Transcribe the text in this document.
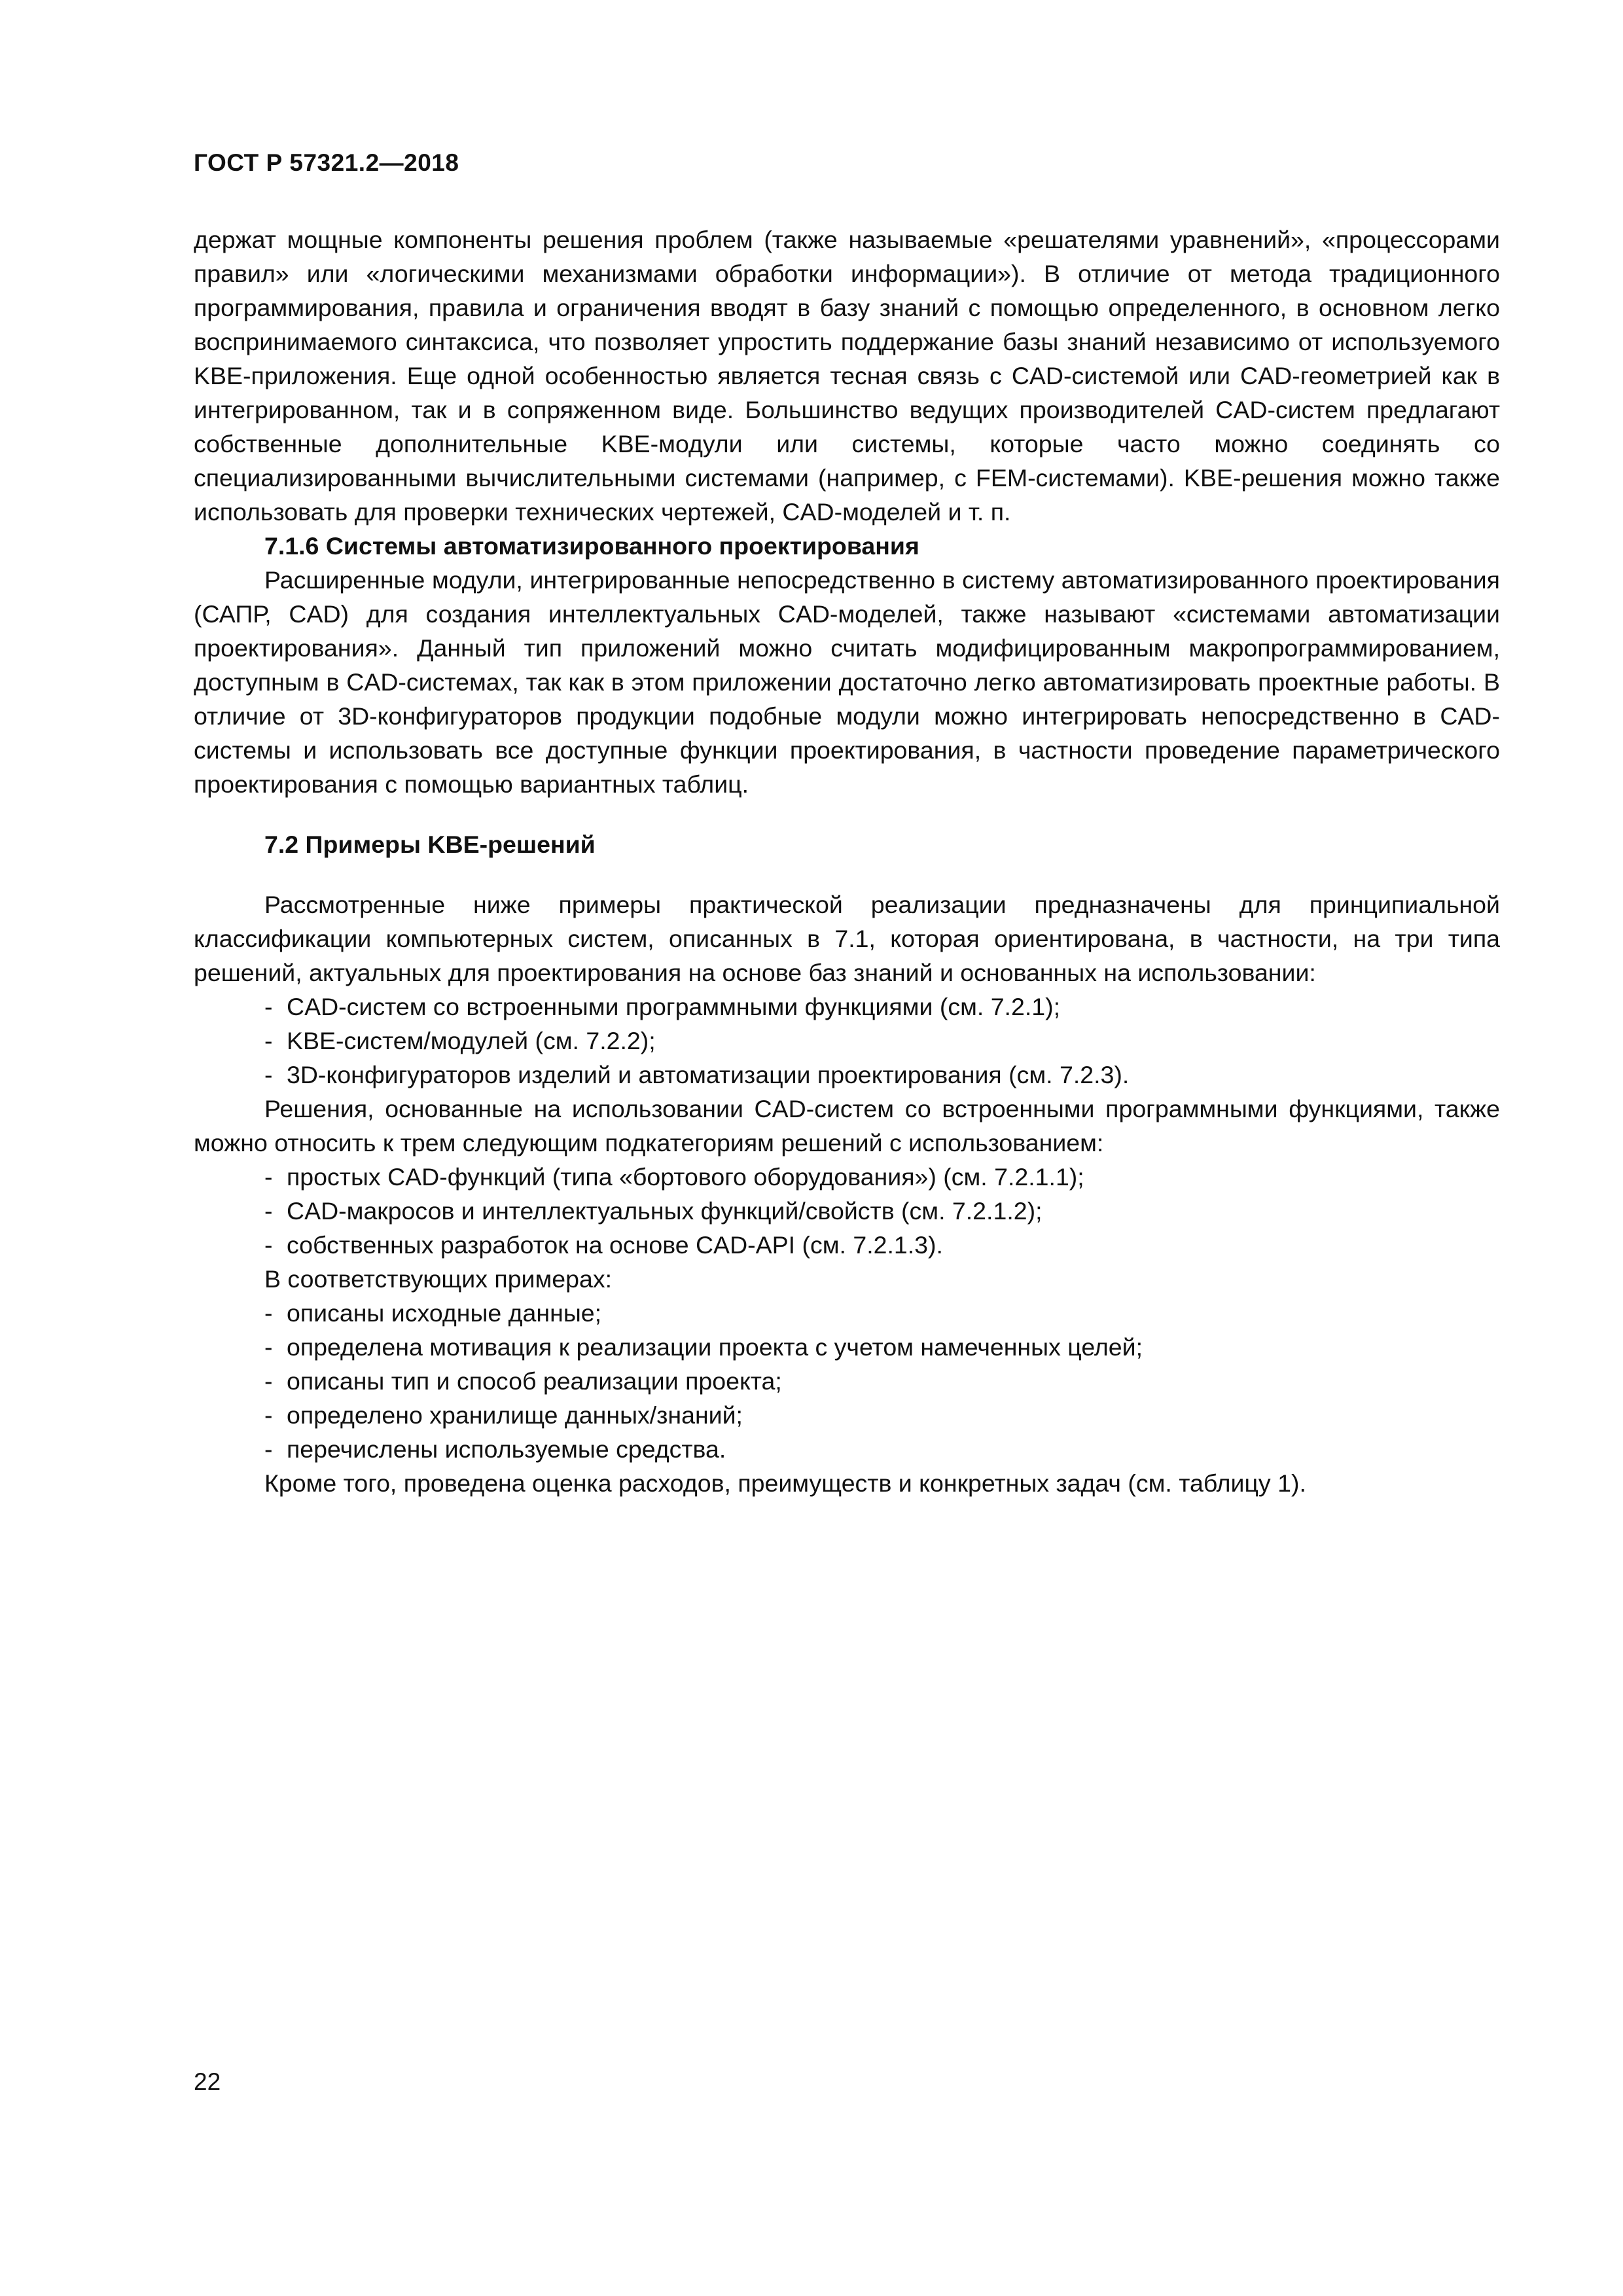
ГОСТ Р 57321.2—2018

держат мощные компоненты решения проблем (также называемые «решателями уравнений», «процессорами правил» или «логическими механизмами обработки информации»). В отличие от метода традиционного программирования, правила и ограничения вводят в базу знаний с помощью определенного, в основном легко воспринимаемого синтаксиса, что позволяет упростить поддержание базы знаний независимо от используемого KBE-приложения. Еще одной особенностью является тесная связь с CAD-системой или CAD-геометрией как в интегрированном, так и в сопряженном виде. Большинство ведущих производителей CAD-систем предлагают собственные дополнительные KBE-модули или системы, которые часто можно соединять со специализированными вычислительными системами (например, с FEM-системами). KBE-решения можно также использовать для проверки технических чертежей, CAD-моделей и т. п.

7.1.6 Системы автоматизированного проектирования

Расширенные модули, интегрированные непосредственно в систему автоматизированного проектирования (САПР, CAD) для создания интеллектуальных CAD-моделей, также называют «системами автоматизации проектирования». Данный тип приложений можно считать модифицированным макропрограммированием, доступным в CAD-системах, так как в этом приложении достаточно легко автоматизировать проектные работы. В отличие от 3D-конфигураторов продукции подобные модули можно интегрировать непосредственно в CAD-системы и использовать все доступные функции проектирования, в частности проведение параметрического проектирования с помощью вариантных таблиц.

7.2 Примеры KBE-решений

Рассмотренные ниже примеры практической реализации предназначены для принципиальной классификации компьютерных систем, описанных в 7.1, которая ориентирована, в частности, на три типа решений, актуальных для проектирования на основе баз знаний и основанных на использовании:

- CAD-систем со встроенными программными функциями (см. 7.2.1);
- KBE-систем/модулей (см. 7.2.2);
- 3D-конфигураторов изделий и автоматизации проектирования (см. 7.2.3).

Решения, основанные на использовании CAD-систем со встроенными программными функциями, также можно относить к трем следующим подкатегориям решений с использованием:

- простых CAD-функций (типа «бортового оборудования») (см. 7.2.1.1);
- CAD-макросов и интеллектуальных функций/свойств (см. 7.2.1.2);
- собственных разработок на основе CAD-API (см. 7.2.1.3).

В соответствующих примерах:

- описаны исходные данные;
- определена мотивация к реализации проекта с учетом намеченных целей;
- описаны тип и способ реализации проекта;
- определено хранилище данных/знаний;
- перечислены используемые средства.

Кроме того, проведена оценка расходов, преимуществ и конкретных задач (см. таблицу 1).

22
